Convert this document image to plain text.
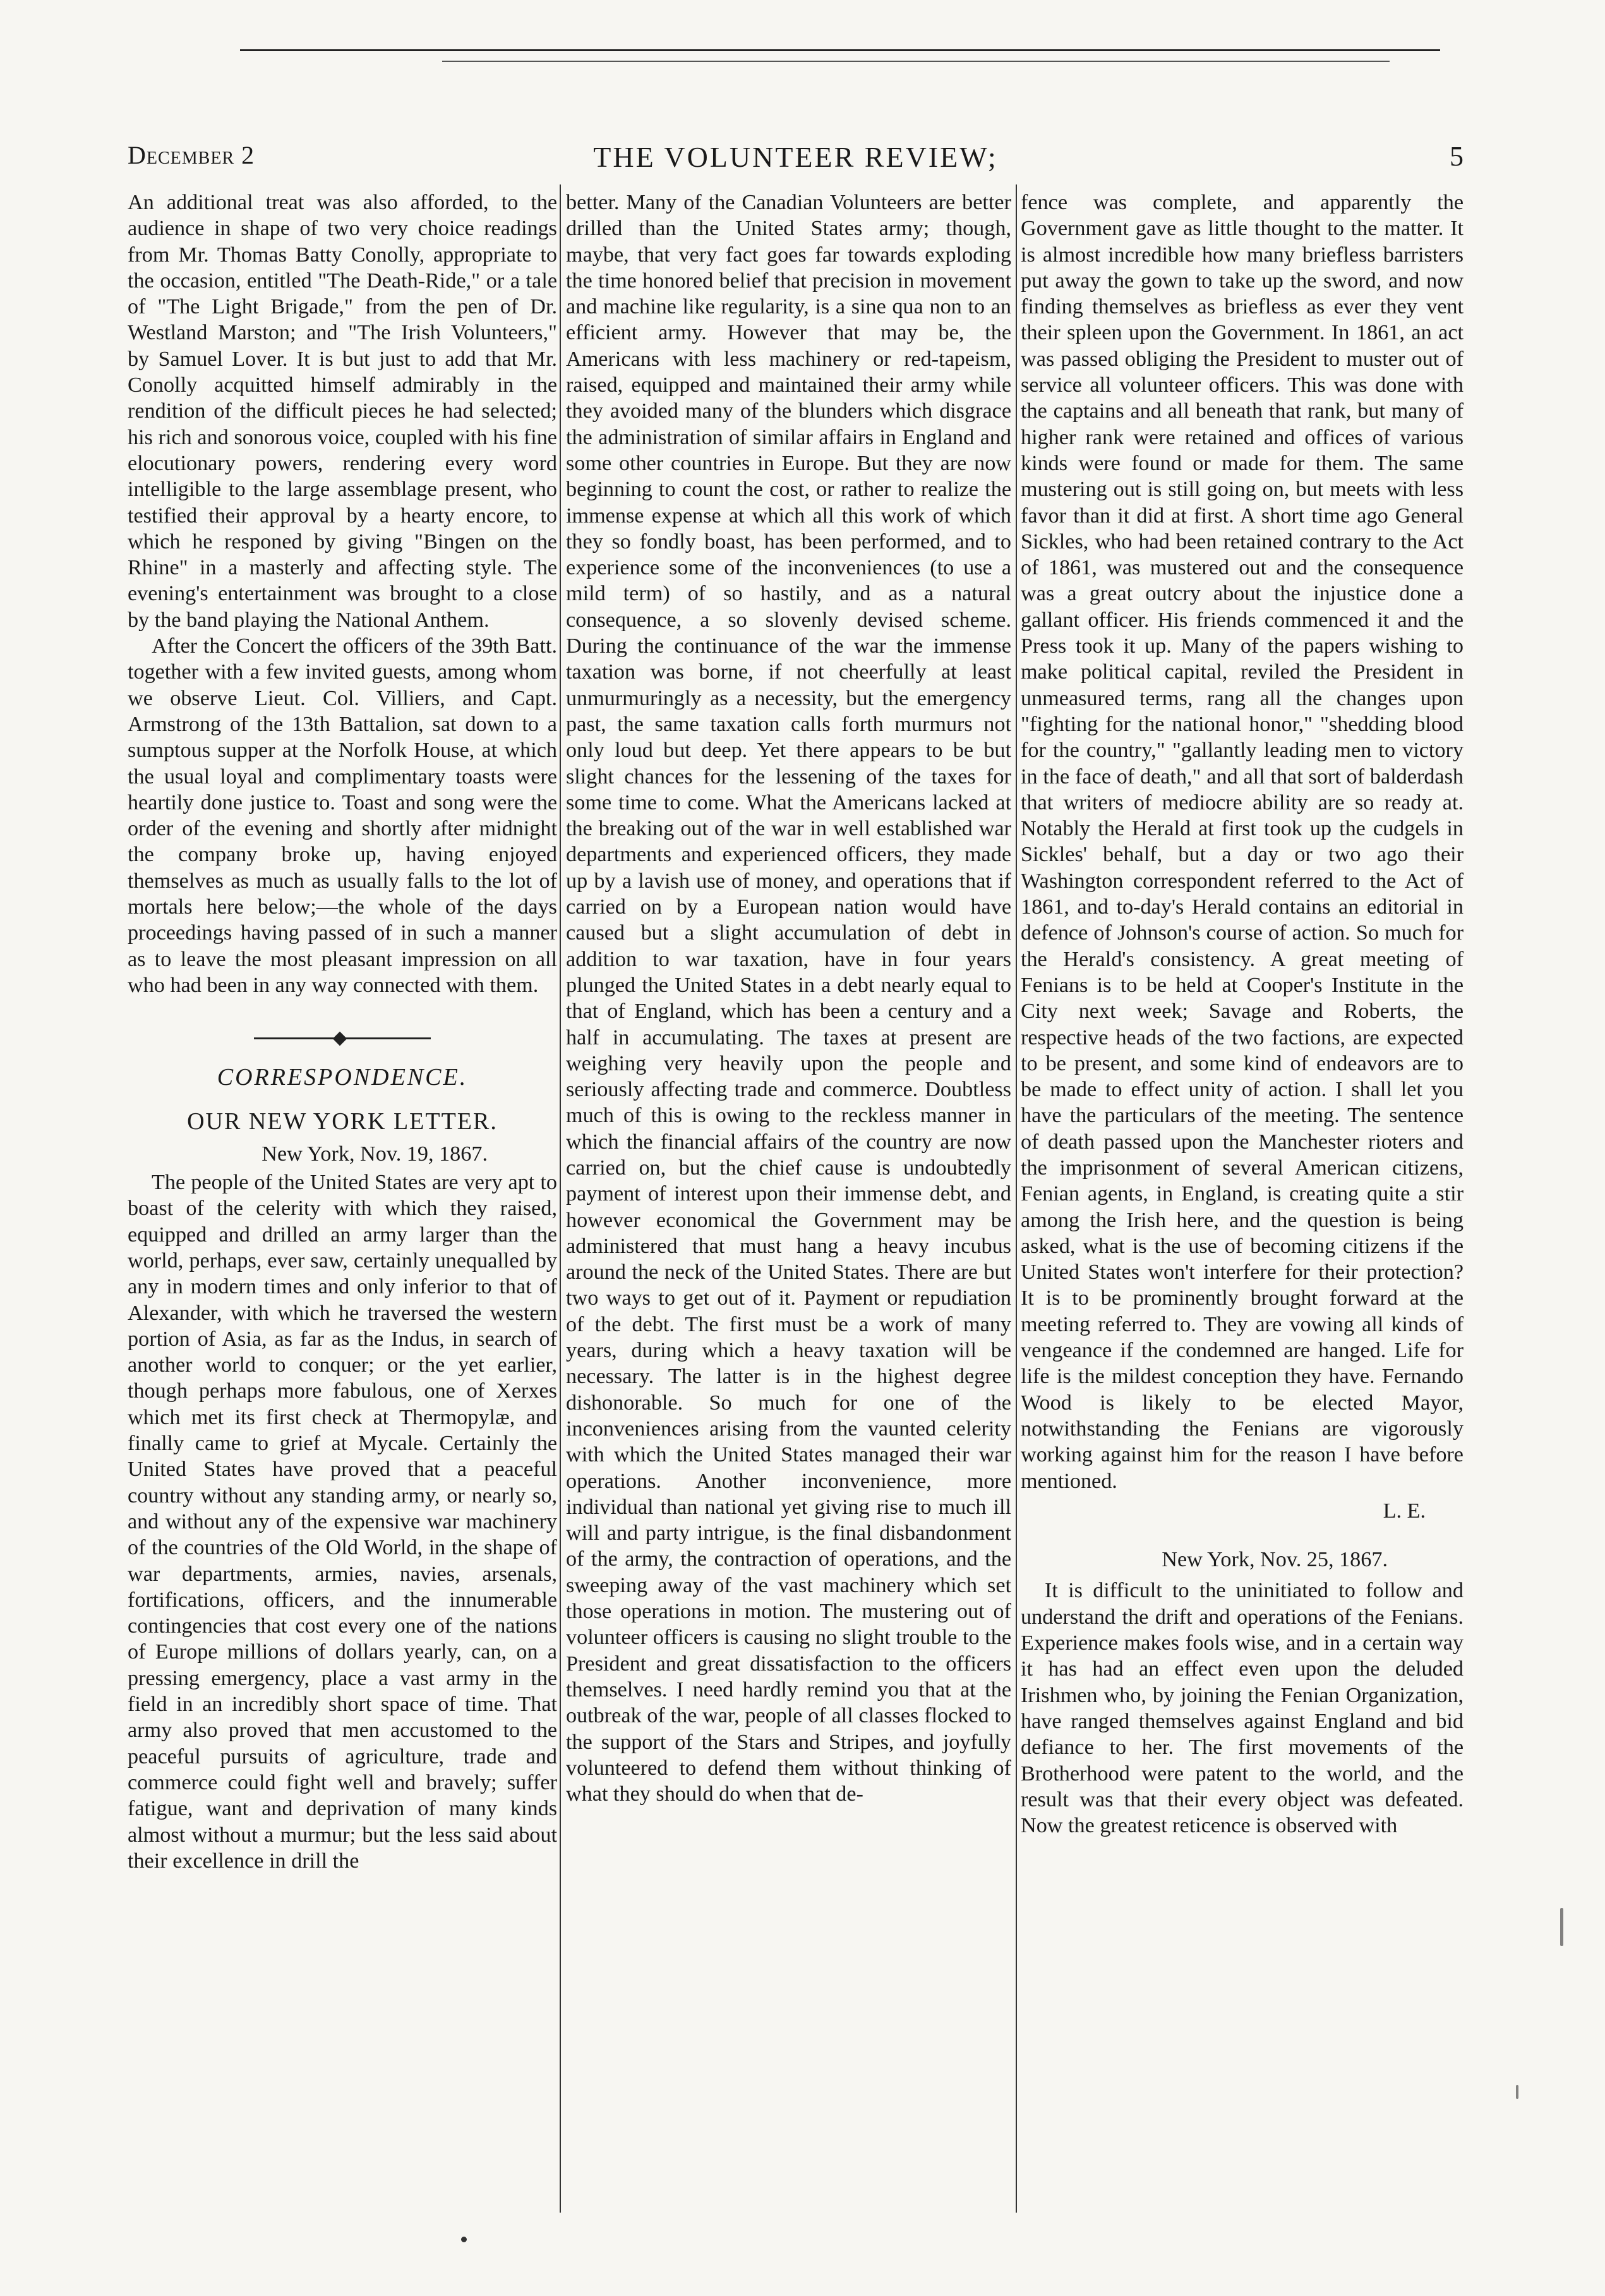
December 2	THE VOLUNTEER REVIEW;	5

An additional treat was also afforded, to the audience in shape of two very choice readings from Mr. Thomas Batty Conolly, appropriate to the occasion, entitled "The Death-Ride," or a tale of "The Light Brigade," from the pen of Dr. Westland Marston; and "The Irish Volunteers," by Samuel Lover. It is but just to add that Mr. Conolly acquitted himself admirably in the rendition of the difficult pieces he had selected; his rich and sonorous voice, coupled with his fine elocutionary powers, rendering every word intelligible to the large assemblage present, who testified their approval by a hearty encore, to which he responed by giving "Bingen on the Rhine" in a masterly and affecting style. The evening's entertainment was brought to a close by the band playing the National Anthem.

After the Concert the officers of the 39th Batt. together with a few invited guests, among whom we observe Lieut. Col. Villiers, and Capt. Armstrong of the 13th Battalion, sat down to a sumptous supper at the Norfolk House, at which the usual loyal and complimentary toasts were heartily done justice to. Toast and song were the order of the evening and shortly after midnight the company broke up, having enjoyed themselves as much as usually falls to the lot of mortals here below;—the whole of the days proceedings having passed of in such a manner as to leave the most pleasant impression on all who had been in any way connected with them.

CORRESPONDENCE.
OUR NEW YORK LETTER.
New York, Nov. 19, 1867.

The people of the United States are very apt to boast of the celerity with which they raised, equipped and drilled an army larger than the world, perhaps, ever saw, certainly unequalled by any in modern times and only inferior to that of Alexander, with which he traversed the western portion of Asia, as far as the Indus, in search of another world to conquer; or the yet earlier, though perhaps more fabulous, one of Xerxes which met its first check at Thermopylæ, and finally came to grief at Mycale. Certainly the United States have proved that a peaceful country without any standing army, or nearly so, and without any of the expensive war machinery of the countries of the Old World, in the shape of war departments, armies, navies, arsenals, fortifications, officers, and the innumerable contingencies that cost every one of the nations of Europe millions of dollars yearly, can, on a pressing emergency, place a vast army in the field in an incredibly short space of time. That army also proved that men accustomed to the peaceful pursuits of agriculture, trade and commerce could fight well and bravely; suffer fatigue, want and deprivation of many kinds almost without a murmur; but the less said about their excellence in drill the

better. Many of the Canadian Volunteers are better drilled than the United States army; though, maybe, that very fact goes far towards exploding the time honored belief that precision in movement and machine like regularity, is a sine qua non to an efficient army. However that may be, the Americans with less machinery or red-tapeism, raised, equipped and maintained their army while they avoided many of the blunders which disgrace the administration of similar affairs in England and some other countries in Europe. But they are now beginning to count the cost, or rather to realize the immense expense at which all this work of which they so fondly boast, has been performed, and to experience some of the inconveniences (to use a mild term) of so hastily, and as a natural consequence, a so slovenly devised scheme. During the continuance of the war the immense taxation was borne, if not cheerfully at least unmurmuringly as a necessity, but the emergency past, the same taxation calls forth murmurs not only loud but deep. Yet there appears to be but slight chances for the lessening of the taxes for some time to come. What the Americans lacked at the breaking out of the war in well established war departments and experienced officers, they made up by a lavish use of money, and operations that if carried on by a European nation would have caused but a slight accumulation of debt in addition to war taxation, have in four years plunged the United States in a debt nearly equal to that of England, which has been a century and a half in accumulating. The taxes at present are weighing very heavily upon the people and seriously affecting trade and commerce. Doubtless much of this is owing to the reckless manner in which the financial affairs of the country are now carried on, but the chief cause is undoubtedly payment of interest upon their immense debt, and however economical the Government may be administered that must hang a heavy incubus around the neck of the United States. There are but two ways to get out of it. Payment or repudiation of the debt. The first must be a work of many years, during which a heavy taxation will be necessary. The latter is in the highest degree dishonorable. So much for one of the inconveniences arising from the vaunted celerity with which the United States managed their war operations. Another inconvenience, more individual than national yet giving rise to much ill will and party intrigue, is the final disbandonment of the army, the contraction of operations, and the sweeping away of the vast machinery which set those operations in motion. The mustering out of volunteer officers is causing no slight trouble to the President and great dissatisfaction to the officers themselves. I need hardly remind you that at the outbreak of the war, people of all classes flocked to the support of the Stars and Stripes, and joyfully volunteered to defend them without thinking of what they should do when that de-

fence was complete, and apparently the Government gave as little thought to the matter. It is almost incredible how many briefless barristers put away the gown to take up the sword, and now finding themselves as briefless as ever they vent their spleen upon the Government. In 1861, an act was passed obliging the President to muster out of service all volunteer officers. This was done with the captains and all beneath that rank, but many of higher rank were retained and offices of various kinds were found or made for them. The same mustering out is still going on, but meets with less favor than it did at first. A short time ago General Sickles, who had been retained contrary to the Act of 1861, was mustered out and the consequence was a great outcry about the injustice done a gallant officer. His friends commenced it and the Press took it up. Many of the papers wishing to make political capital, reviled the President in unmeasured terms, rang all the changes upon "fighting for the national honor," "shedding blood for the country," "gallantly leading men to victory in the face of death," and all that sort of balderdash that writers of mediocre ability are so ready at. Notably the Herald at first took up the cudgels in Sickles' behalf, but a day or two ago their Washington correspondent referred to the Act of 1861, and to-day's Herald contains an editorial in defence of Johnson's course of action. So much for the Herald's consistency. A great meeting of Fenians is to be held at Cooper's Institute in the City next week; Savage and Roberts, the respective heads of the two factions, are expected to be present, and some kind of endeavors are to be made to effect unity of action. I shall let you have the particulars of the meeting. The sentence of death passed upon the Manchester rioters and the imprisonment of several American citizens, Fenian agents, in England, is creating quite a stir among the Irish here, and the question is being asked, what is the use of becoming citizens if the United States won't interfere for their protection? It is to be prominently brought forward at the meeting referred to. They are vowing all kinds of vengeance if the condemned are hanged. Life for life is the mildest conception they have. Fernando Wood is likely to be elected Mayor, notwithstanding the Fenians are vigorously working against him for the reason I have before mentioned.

L. E.
New York, Nov. 25, 1867.

It is difficult to the uninitiated to follow and understand the drift and operations of the Fenians. Experience makes fools wise, and in a certain way it has had an effect even upon the deluded Irishmen who, by joining the Fenian Organization, have ranged themselves against England and bid defiance to her. The first movements of the Brotherhood were patent to the world, and the result was that their every object was defeated. Now the greatest reticence is observed with
